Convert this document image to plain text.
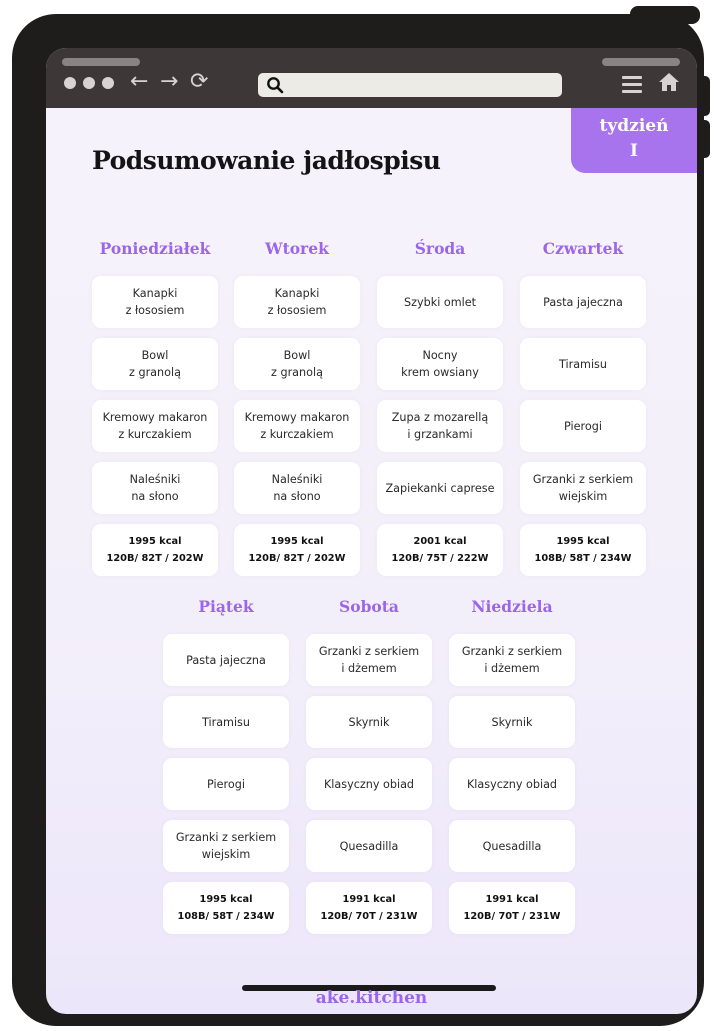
← → ⟳
tydzień
I
Podsumowanie jadłospisu
Poniedziałek
Kanapki
z łososiem
Bowl
z granolą
Kremowy makaron
z kurczakiem
Naleśniki
na słono
1995 kcal
120B/ 82T / 202W
Wtorek
Kanapki
z łososiem
Bowl
z granolą
Kremowy makaron
z kurczakiem
Naleśniki
na słono
1995 kcal
120B/ 82T / 202W
Środa
Szybki omlet
Nocny
krem owsiany
Zupa z mozarellą
i grzankami
Zapiekanki caprese
2001 kcal
120B/ 75T / 222W
Czwartek
Pasta jajeczna
Tiramisu
Pierogi
Grzanki z serkiem
wiejskim
1995 kcal
108B/ 58T / 234W
Piątek
Pasta jajeczna
Tiramisu
Pierogi
Grzanki z serkiem
wiejskim
1995 kcal
108B/ 58T / 234W
Sobota
Grzanki z serkiem
i dżemem
Skyrnik
Klasyczny obiad
Quesadilla
1991 kcal
120B/ 70T / 231W
Niedziela
Grzanki z serkiem
i dżemem
Skyrnik
Klasyczny obiad
Quesadilla
1991 kcal
120B/ 70T / 231W
ake.kitchen
